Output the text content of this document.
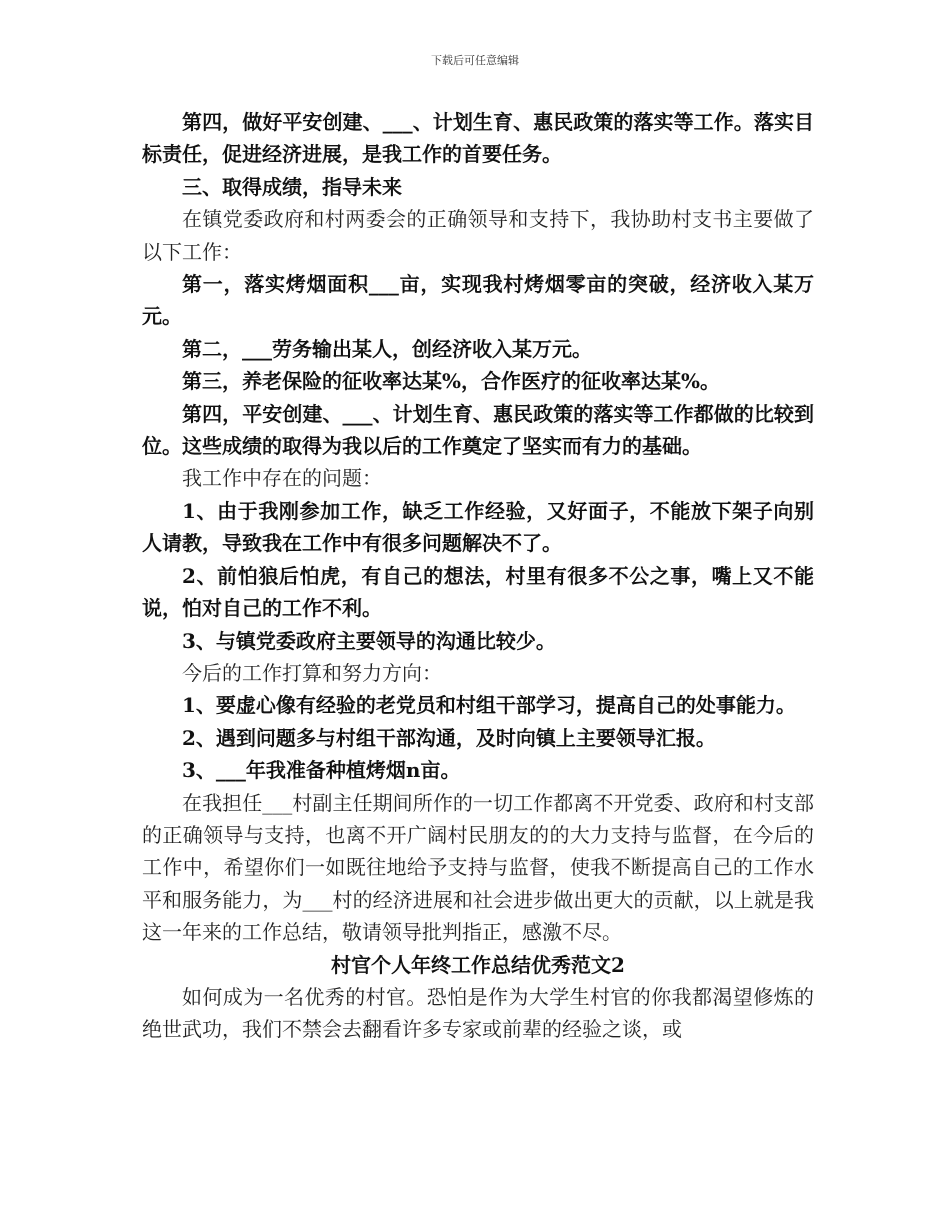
下载后可任意编辑

第四，做好平安创建、___、计划生育、惠民政策的落实等工作。落实目标责任，促进经济进展，是我工作的首要任务。

三、取得成绩，指导未来

在镇党委政府和村两委会的正确领导和支持下，我协助村支书主要做了以下工作：

第一，落实烤烟面积___亩，实现我村烤烟零亩的突破，经济收入某万元。

第二，___劳务输出某人，创经济收入某万元。

第三，养老保险的征收率达某%，合作医疗的征收率达某%。

第四，平安创建、___、计划生育、惠民政策的落实等工作都做的比较到位。这些成绩的取得为我以后的工作奠定了坚实而有力的基础。

我工作中存在的问题：

1、由于我刚参加工作，缺乏工作经验，又好面子，不能放下架子向别人请教，导致我在工作中有很多问题解决不了。

2、前怕狼后怕虎，有自己的想法，村里有很多不公之事，嘴上又不能说，怕对自己的工作不利。

3、与镇党委政府主要领导的沟通比较少。

今后的工作打算和努力方向：

1、要虚心像有经验的老党员和村组干部学习，提高自己的处事能力。

2、遇到问题多与村组干部沟通，及时向镇上主要领导汇报。

3、___年我准备种植烤烟n亩。

在我担任___村副主任期间所作的一切工作都离不开党委、政府和村支部的正确领导与支持，也离不开广阔村民朋友的的大力支持与监督，在今后的工作中，希望你们一如既往地给予支持与监督，使我不断提高自己的工作水平和服务能力，为___村的经济进展和社会进步做出更大的贡献，以上就是我这一年来的工作总结，敬请领导批判指正，感激不尽。

村官个人年终工作总结优秀范文2

如何成为一名优秀的村官。恐怕是作为大学生村官的你我都渴望修炼的绝世武功，我们不禁会去翻看许多专家或前辈的经验之谈，或
